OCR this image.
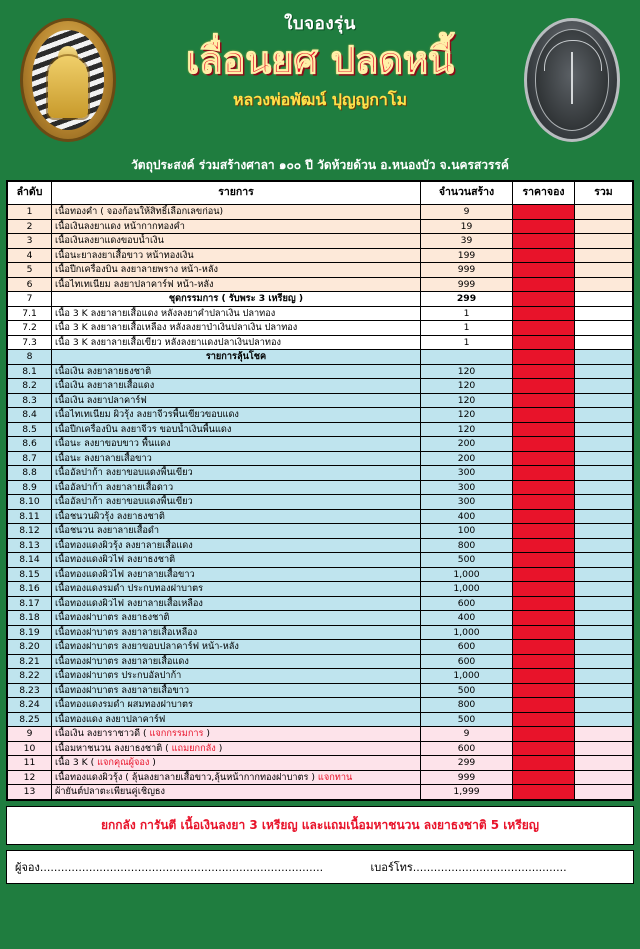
ใบจองรุ่น
เลื่อนยศ ปลดหนี้
หลวงพ่อพัฒน์ ปุญญกาโม
วัตถุประสงค์ ร่วมสร้างศาลา ๑๐๐ ปี วัดห้วยด้วน อ.หนองบัว จ.นครสวรรค์
ลำดับ	รายการ	จำนวนสร้าง	ราคาจอง	รวม
1	เนื้อทองคำ ( จองก้อนให้สิทธิ์เลือกเลขก่อน)	9		
2	เนื้อเงินลงยาแดง หน้ากากทองคำ	19		
3	เนื้อเงินลงยาแดงขอบน้ำเงิน	39		
4	เนื้อนะยาลงยาเสื้อขาว หน้าทองเงิน	199		
5	เนื้อปีกเครื่องบิน ลงยาลายพราง หน้า-หลัง	999		
6	เนื้อไทเทเนียม ลงยาปลาคาร์ฟ หน้า-หลัง	999		
7	ชุดกรรมการ ( รับพระ 3 เหรียญ )	299		
7.1	เนื้อ 3 K ลงยาลายเสื้อแดง หลังลงยาคำปลาเงิน ปลาทอง	1		
7.2	เนื้อ 3 K ลงยาลายเสื้อเหลือง หลังลงยาป่าเงินปลาเงิน ปลาทอง	1		
7.3	เนื้อ 3 K ลงยาลายเสื้อเขียว หลังลงยาแดงปลาเงินปลาทอง	1		
8	รายการลุ้นโชค			
8.1	เนื้อเงิน ลงยาลายธงชาติ	120		
8.2	เนื้อเงิน ลงยาลายเสื้อแดง	120		
8.3	เนื้อเงิน ลงยาปลาคาร์ฟ	120		
8.4	เนื้อไทเทเนียม ผิวรุ้ง ลงยาจีวรพื้นเขียวขอบแดง	120		
8.5	เนื้อปีกเครื่องบิน ลงยาจีวร ขอบน้ำเงินพื้นแดง	120		
8.6	เนื้อนะ ลงยาขอบขาว พื้นแดง	200		
8.7	เนื้อนะ ลงยาลายเสื้อขาว	200		
8.8	เนื้ออัลปาก้า ลงยาขอบแดงพื้นเขียว	300		
8.9	เนื้ออัลปาก้า ลงยาลายเสื้อดาว	300		
8.10	เนื้ออัลปาก้า ลงยาขอบแดงพื้นเขียว	300		
8.11	เนื้อชนวนผิวรุ้ง ลงยาธงชาติ	400		
8.12	เนื้อชนวน ลงยาลายเสื้อดำ	100		
8.13	เนื้อทองแดงผิวรุ้ง ลงยาลายเสื้อแดง	800		
8.14	เนื้อทองแดงผิวไฟ ลงยาธงชาติ	500		
8.15	เนื้อทองแดงผิวไฟ ลงยาลายเสื้อขาว	1,000		
8.16	เนื้อทองแดงรมดำ ประกบทองฝาบาตร	1,000		
8.17	เนื้อทองแดงผิวไฟ ลงยาลายเสื้อเหลือง	600		
8.18	เนื้อทองฝาบาตร ลงยาธงชาติ	400		
8.19	เนื้อทองฝาบาตร ลงยาลายเสื้อเหลือง	1,000		
8.20	เนื้อทองฝาบาตร ลงยาขอบปลาคาร์ฟ หน้า-หลัง	600		
8.21	เนื้อทองฝาบาตร ลงยาลายเสื้อแดง	600		
8.22	เนื้อทองฝาบาตร ประกบอัลปาก้า	1,000		
8.23	เนื้อทองฝาบาตร ลงยาลายเสื้อขาว	500		
8.24	เนื้อทองแดงรมดำ ผสมทองฝาบาตร	800		
8.25	เนื้อทองแดง ลงยาปลาคาร์ฟ	500		
9	เนื้อเงิน ลงยาราชาวดี ( แจกกรรมการ )	9		
10	เนื้อมหาชนวน ลงยาธงชาติ ( แถมยกกลัง )	600		
11	เนื้อ 3 K ( แจกคุณผู้จอง )	299		
12	เนื้อทองแดงผิวรุ้ง ( ลุ้นลงยาลายเสื้อขาว,ลุ้นหน้ากากทองฝาบาตร ) แจกทาน	999		
13	ผ้ายันต์ปลาตะเพียนคู่เชิญธง	1,999		
ยกกลัง การันตี เนื้อเงินลงยา 3 เหรียญ และแถมเนื้อมหาชนวน ลงยาธงชาติ 5 เหรียญ
ผู้จอง.................................................................................	เบอร์โทร............................................
